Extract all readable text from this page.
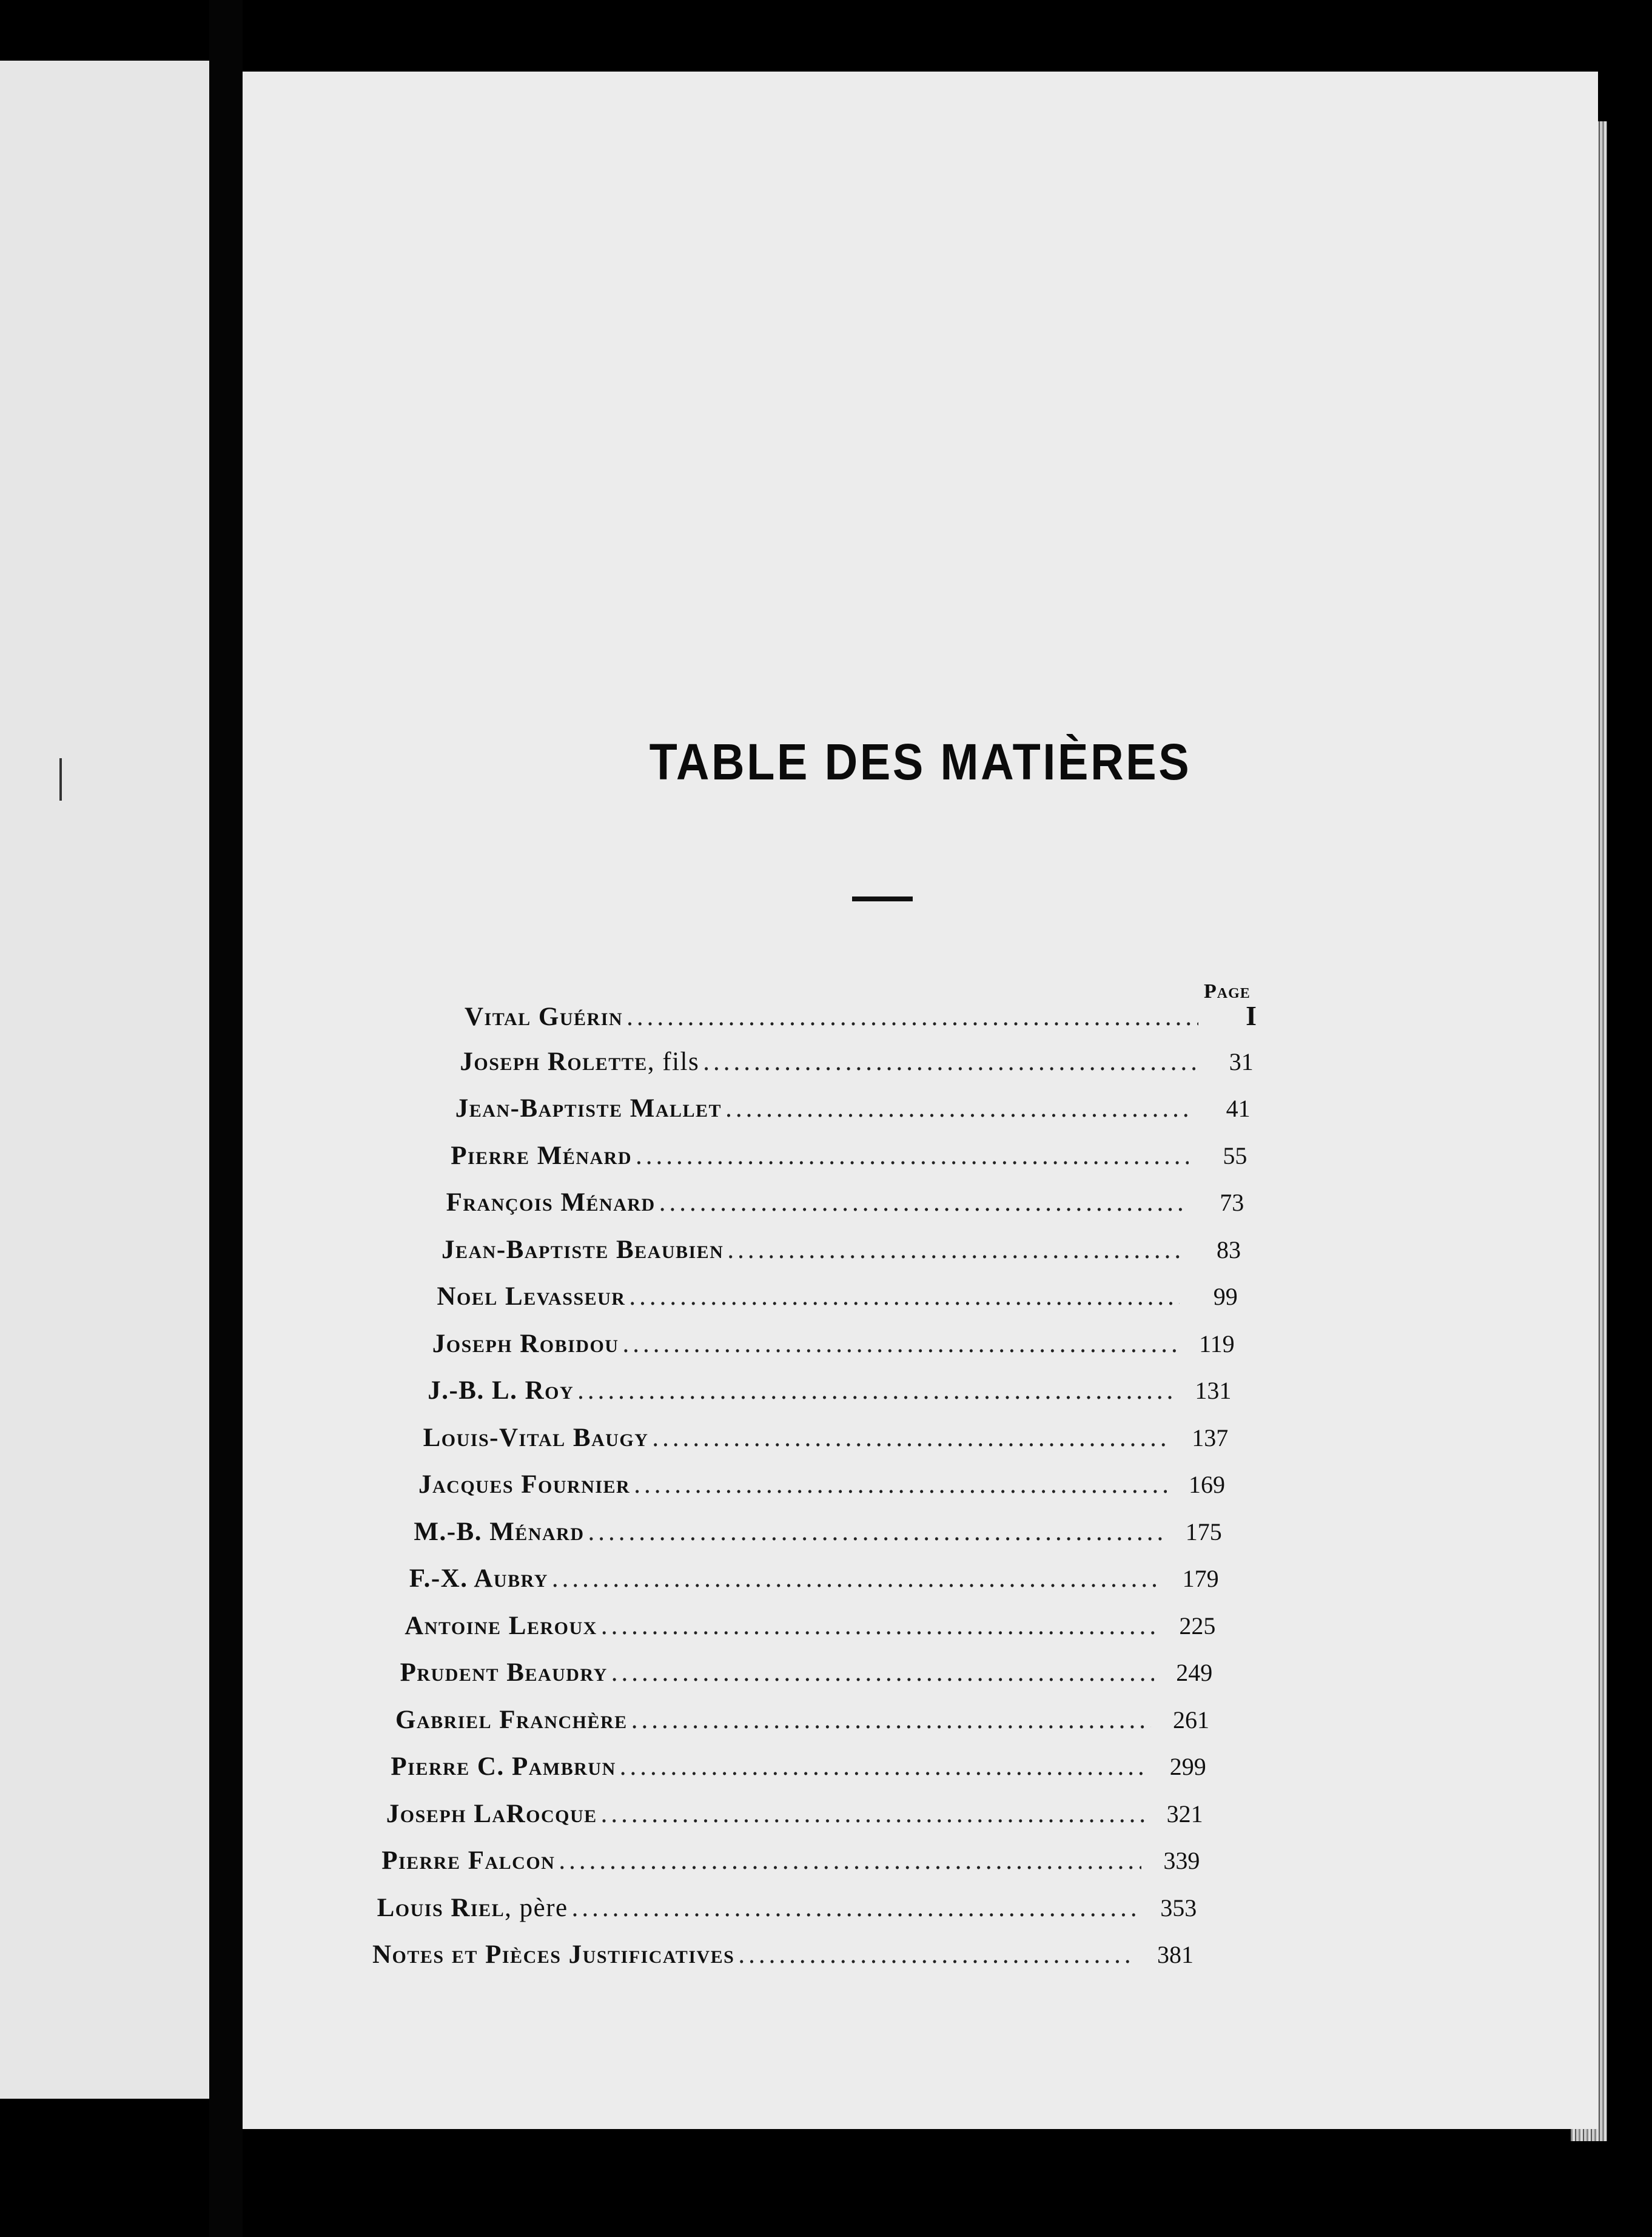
TABLE DES MATIÈRES
Page
Vital Guérin .....	I
Joseph Rolette, fils .....	31
Jean-Baptiste Mallet .....	41
Pierre Ménard .....	55
François Ménard .....	73
Jean-Baptiste Beaubien .....	83
Noel Levasseur .....	99
Joseph Robidou .....	119
J.-B. L. Roy .....	131
Louis-Vital Baugy .....	137
Jacques Fournier .....	169
M.-B. Ménard .....	175
F.-X. Aubry .....	179
Antoine Leroux .....	225
Prudent Beaudry .....	249
Gabriel Franchère .....	261
Pierre C. Pambrun .....	299
Joseph LaRocque .....	321
Pierre Falcon .....	339
Louis Riel, père .....	353
Notes et Pièces Justificatives .....	381
